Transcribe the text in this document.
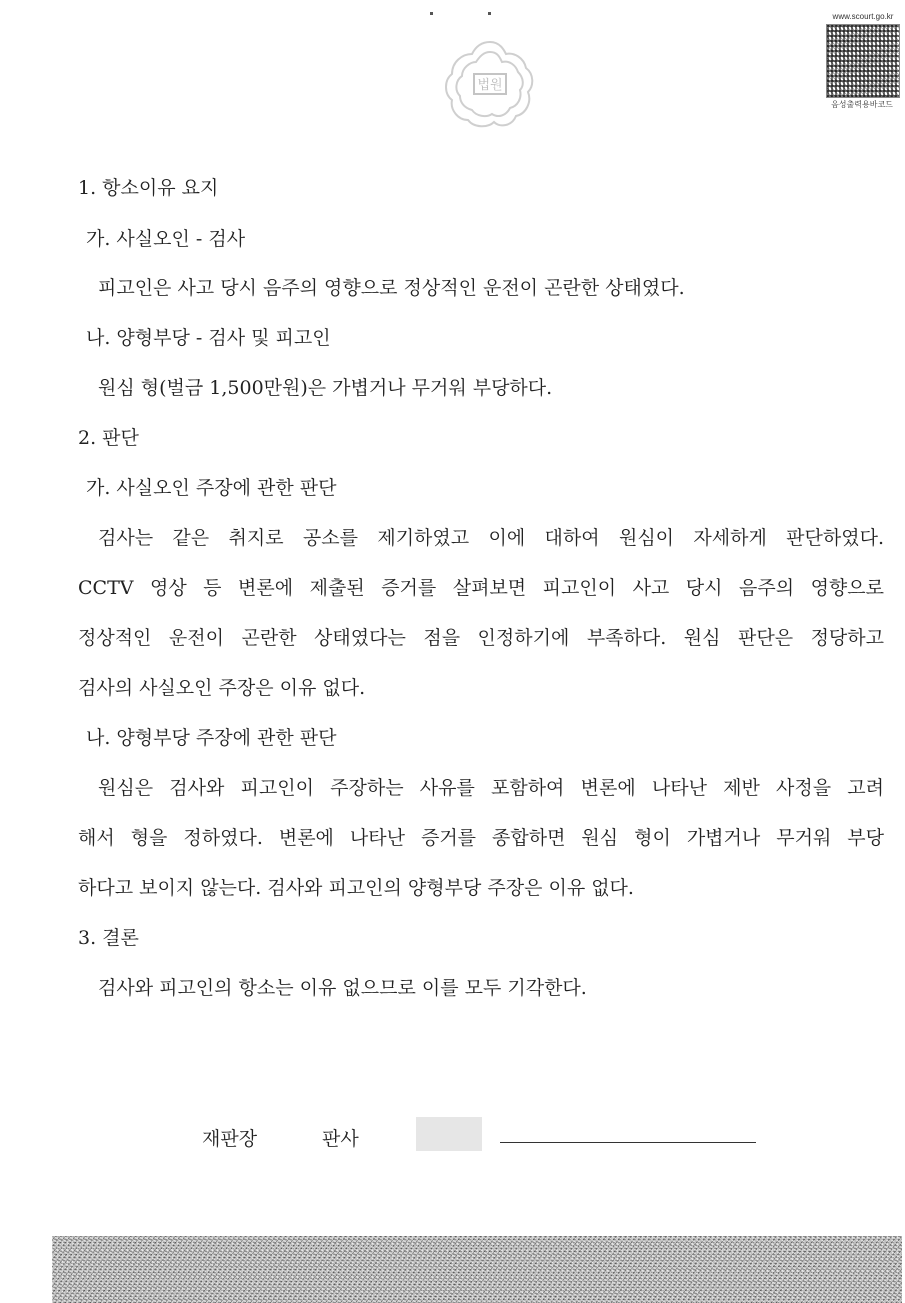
법원
www.scourt.go.kr
음성출력용바코드
1. 항소이유 요지
가. 사실오인 - 검사
피고인은 사고 당시 음주의 영향으로 정상적인 운전이 곤란한 상태였다.
나. 양형부당 - 검사 및 피고인
원심 형(벌금 1,500만원)은 가볍거나 무거워 부당하다.
2. 판단
가. 사실오인 주장에 관한 판단
검사는 같은 취지로 공소를 제기하였고 이에 대하여 원심이 자세하게 판단하였다.
CCTV 영상 등 변론에 제출된 증거를 살펴보면 피고인이 사고 당시 음주의 영향으로
정상적인 운전이 곤란한 상태였다는 점을 인정하기에 부족하다. 원심 판단은 정당하고
검사의 사실오인 주장은 이유 없다.
나. 양형부당 주장에 관한 판단
원심은 검사와 피고인이 주장하는 사유를 포함하여 변론에 나타난 제반 사정을 고려
해서 형을 정하였다. 변론에 나타난 증거를 종합하면 원심 형이 가볍거나 무거워 부당
하다고 보이지 않는다. 검사와 피고인의 양형부당 주장은 이유 없다.
3. 결론
검사와 피고인의 항소는 이유 없으므로 이를 모두 기각한다.
재판장	판사
